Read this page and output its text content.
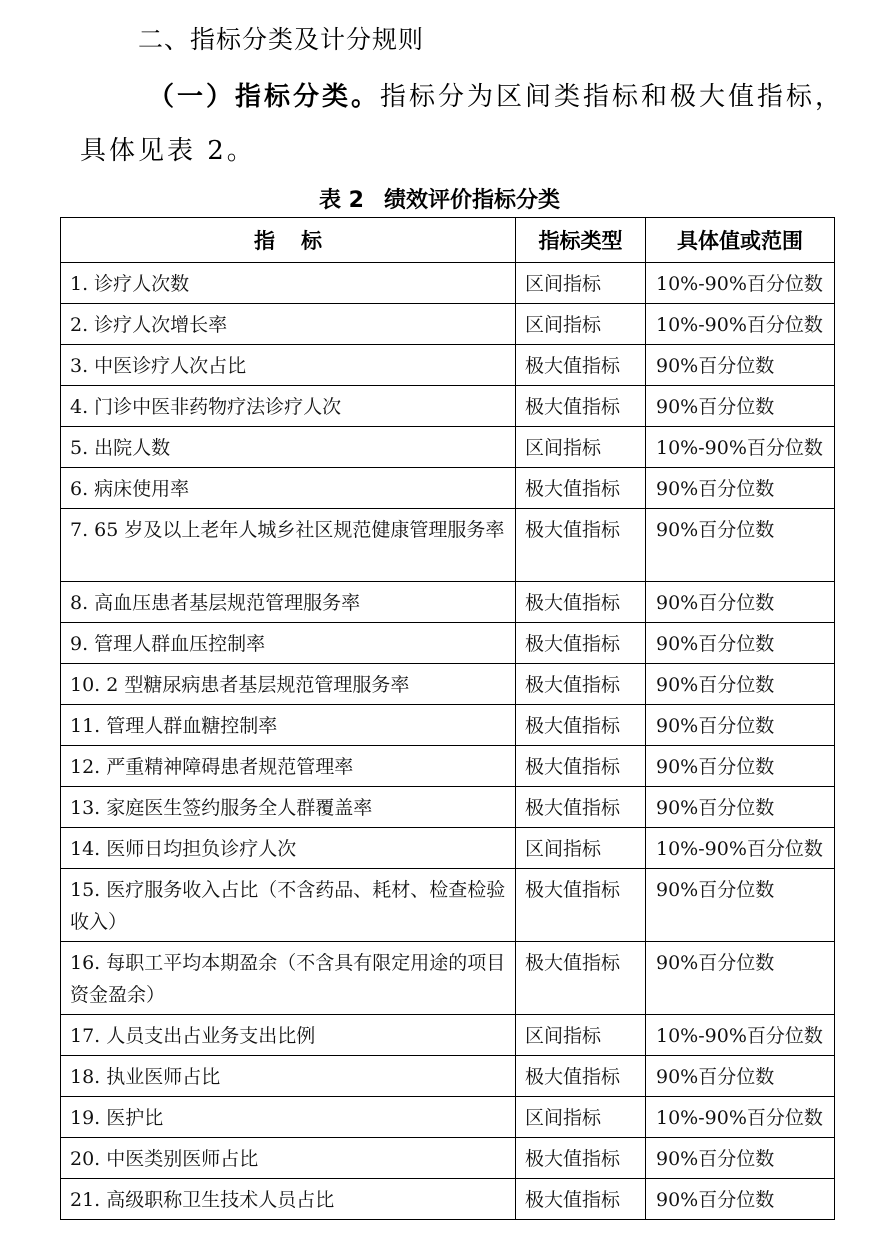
二、指标分类及计分规则
（一）指标分类。指标分为区间类指标和极大值指标，
具体见表 2。
表 2 绩效评价指标分类
指标	指标类型	具体值或范围
1. 诊疗人次数	区间指标	10%-90%百分位数
2. 诊疗人次增长率	区间指标	10%-90%百分位数
3. 中医诊疗人次占比	极大值指标	90%百分位数
4. 门诊中医非药物疗法诊疗人次	极大值指标	90%百分位数
5. 出院人数	区间指标	10%-90%百分位数
6. 病床使用率	极大值指标	90%百分位数
7. 65 岁及以上老年人城乡社区规范健康管理服务率	极大值指标	90%百分位数
8. 高血压患者基层规范管理服务率	极大值指标	90%百分位数
9. 管理人群血压控制率	极大值指标	90%百分位数
10. 2 型糖尿病患者基层规范管理服务率	极大值指标	90%百分位数
11. 管理人群血糖控制率	极大值指标	90%百分位数
12. 严重精神障碍患者规范管理率	极大值指标	90%百分位数
13. 家庭医生签约服务全人群覆盖率	极大值指标	90%百分位数
14. 医师日均担负诊疗人次	区间指标	10%-90%百分位数
15. 医疗服务收入占比（不含药品、耗材、检查检验收入）	极大值指标	90%百分位数
16. 每职工平均本期盈余（不含具有限定用途的项目资金盈余）	极大值指标	90%百分位数
17. 人员支出占业务支出比例	区间指标	10%-90%百分位数
18. 执业医师占比	极大值指标	90%百分位数
19. 医护比	区间指标	10%-90%百分位数
20. 中医类别医师占比	极大值指标	90%百分位数
21. 高级职称卫生技术人员占比	极大值指标	90%百分位数
